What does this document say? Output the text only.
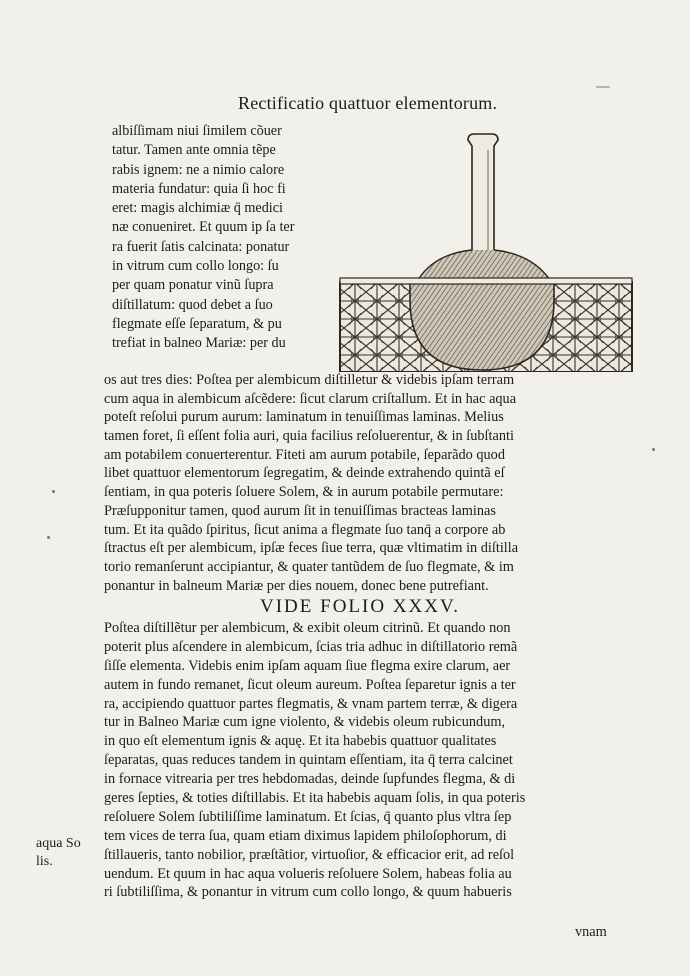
Rectificatio quattuor elementorum.
albiſſimam niui ſimilem cõuer
tatur. Tamen ante omnia tẽpe
rabis ignem: ne a nimio calore
materia fundatur: quia ſi hoc fi
eret: magis alchimiæ q̄ medici
næ conueniret. Et quum ip ſa ter
ra fuerit ſatis calcinata: ponatur
in vitrum cum collo longo: ſu
per quam ponatur vinũ ſupra
diſtillatum: quod debet a ſuo
flegmate eſſe ſeparatum, & pu
trefiat in balneo Mariæ: per du
os aut tres dies: Poſtea per alembicum diſtilletur & videbis ipſam terram
cum aqua in alembicum aſcẽdere: ſicut clarum criſtallum. Et in hac aqua
poteſt reſolui purum aurum: laminatum in tenuiſſimas laminas. Melius
tamen foret, ſi eſſent folia auri, quia facilius reſoluerentur, & in ſubſtanti
am potabilem conuerterentur. Fiteti am aurum potabile, ſeparãdo quod
libet quattuor elementorum ſegregatim, & deinde extrahendo quintã eſ
ſentiam, in qua poteris ſoluere Solem, & in aurum potabile permutare:
Præſupponitur tamen, quod aurum ſit in tenuiſſimas bracteas laminas
tum. Et ita quãdo ſpiritus, ſicut anima a flegmate ſuo tanq̄ a corpore ab
ſtractus eſt per alembicum, ipſæ feces ſiue terra, quæ vltimatim in diſtilla
torio remanſerunt accipiantur, & quater tantũdem de ſuo flegmate, & im
ponantur in balneum Mariæ per dies nouem, donec bene putrefiant.
VIDE FOLIO XXXV.
Poſtea diſtillẽtur per alembicum, & exibit oleum citrinũ. Et quando non
poterit plus aſcendere in alembicum, ſcias tria adhuc in diſtillatorio remã
ſiſſe elementa. Videbis enim ipſam aquam ſiue flegma exire clarum, aer
autem in fundo remanet, ſicut oleum aureum. Poſtea ſeparetur ignis a ter
ra, accipiendo quattuor partes flegmatis, & vnam partem terræ, & digera
tur in Balneo Mariæ cum igne violento, & videbis oleum rubicundum,
in quo eſt elementum ignis & aquę. Et ita habebis quattuor qualitates
ſeparatas, quas reduces tandem in quintam eſſentiam, ita q̄ terra calcinet
in fornace vitrearia per tres hebdomadas, deinde ſupfundes flegma, & di
geres ſepties, & toties diſtillabis. Et ita habebis aquam ſolis, in qua poteris
reſoluere Solem ſubtiliſſime laminatum. Et ſcias, q̄ quanto plus vltra ſep
tem vices de terra ſua, quam etiam diximus lapidem philoſophorum, di
ſtillaueris, tanto nobilior, præſtãtior, virtuoſior, & efficacior erit, ad reſol
uendum. Et quum in hac aqua volueris reſoluere Solem, habeas folia au
ri ſubtiliſſima, & ponantur in vitrum cum collo longo, & quum habueris
aqua So
lis.
vnam
